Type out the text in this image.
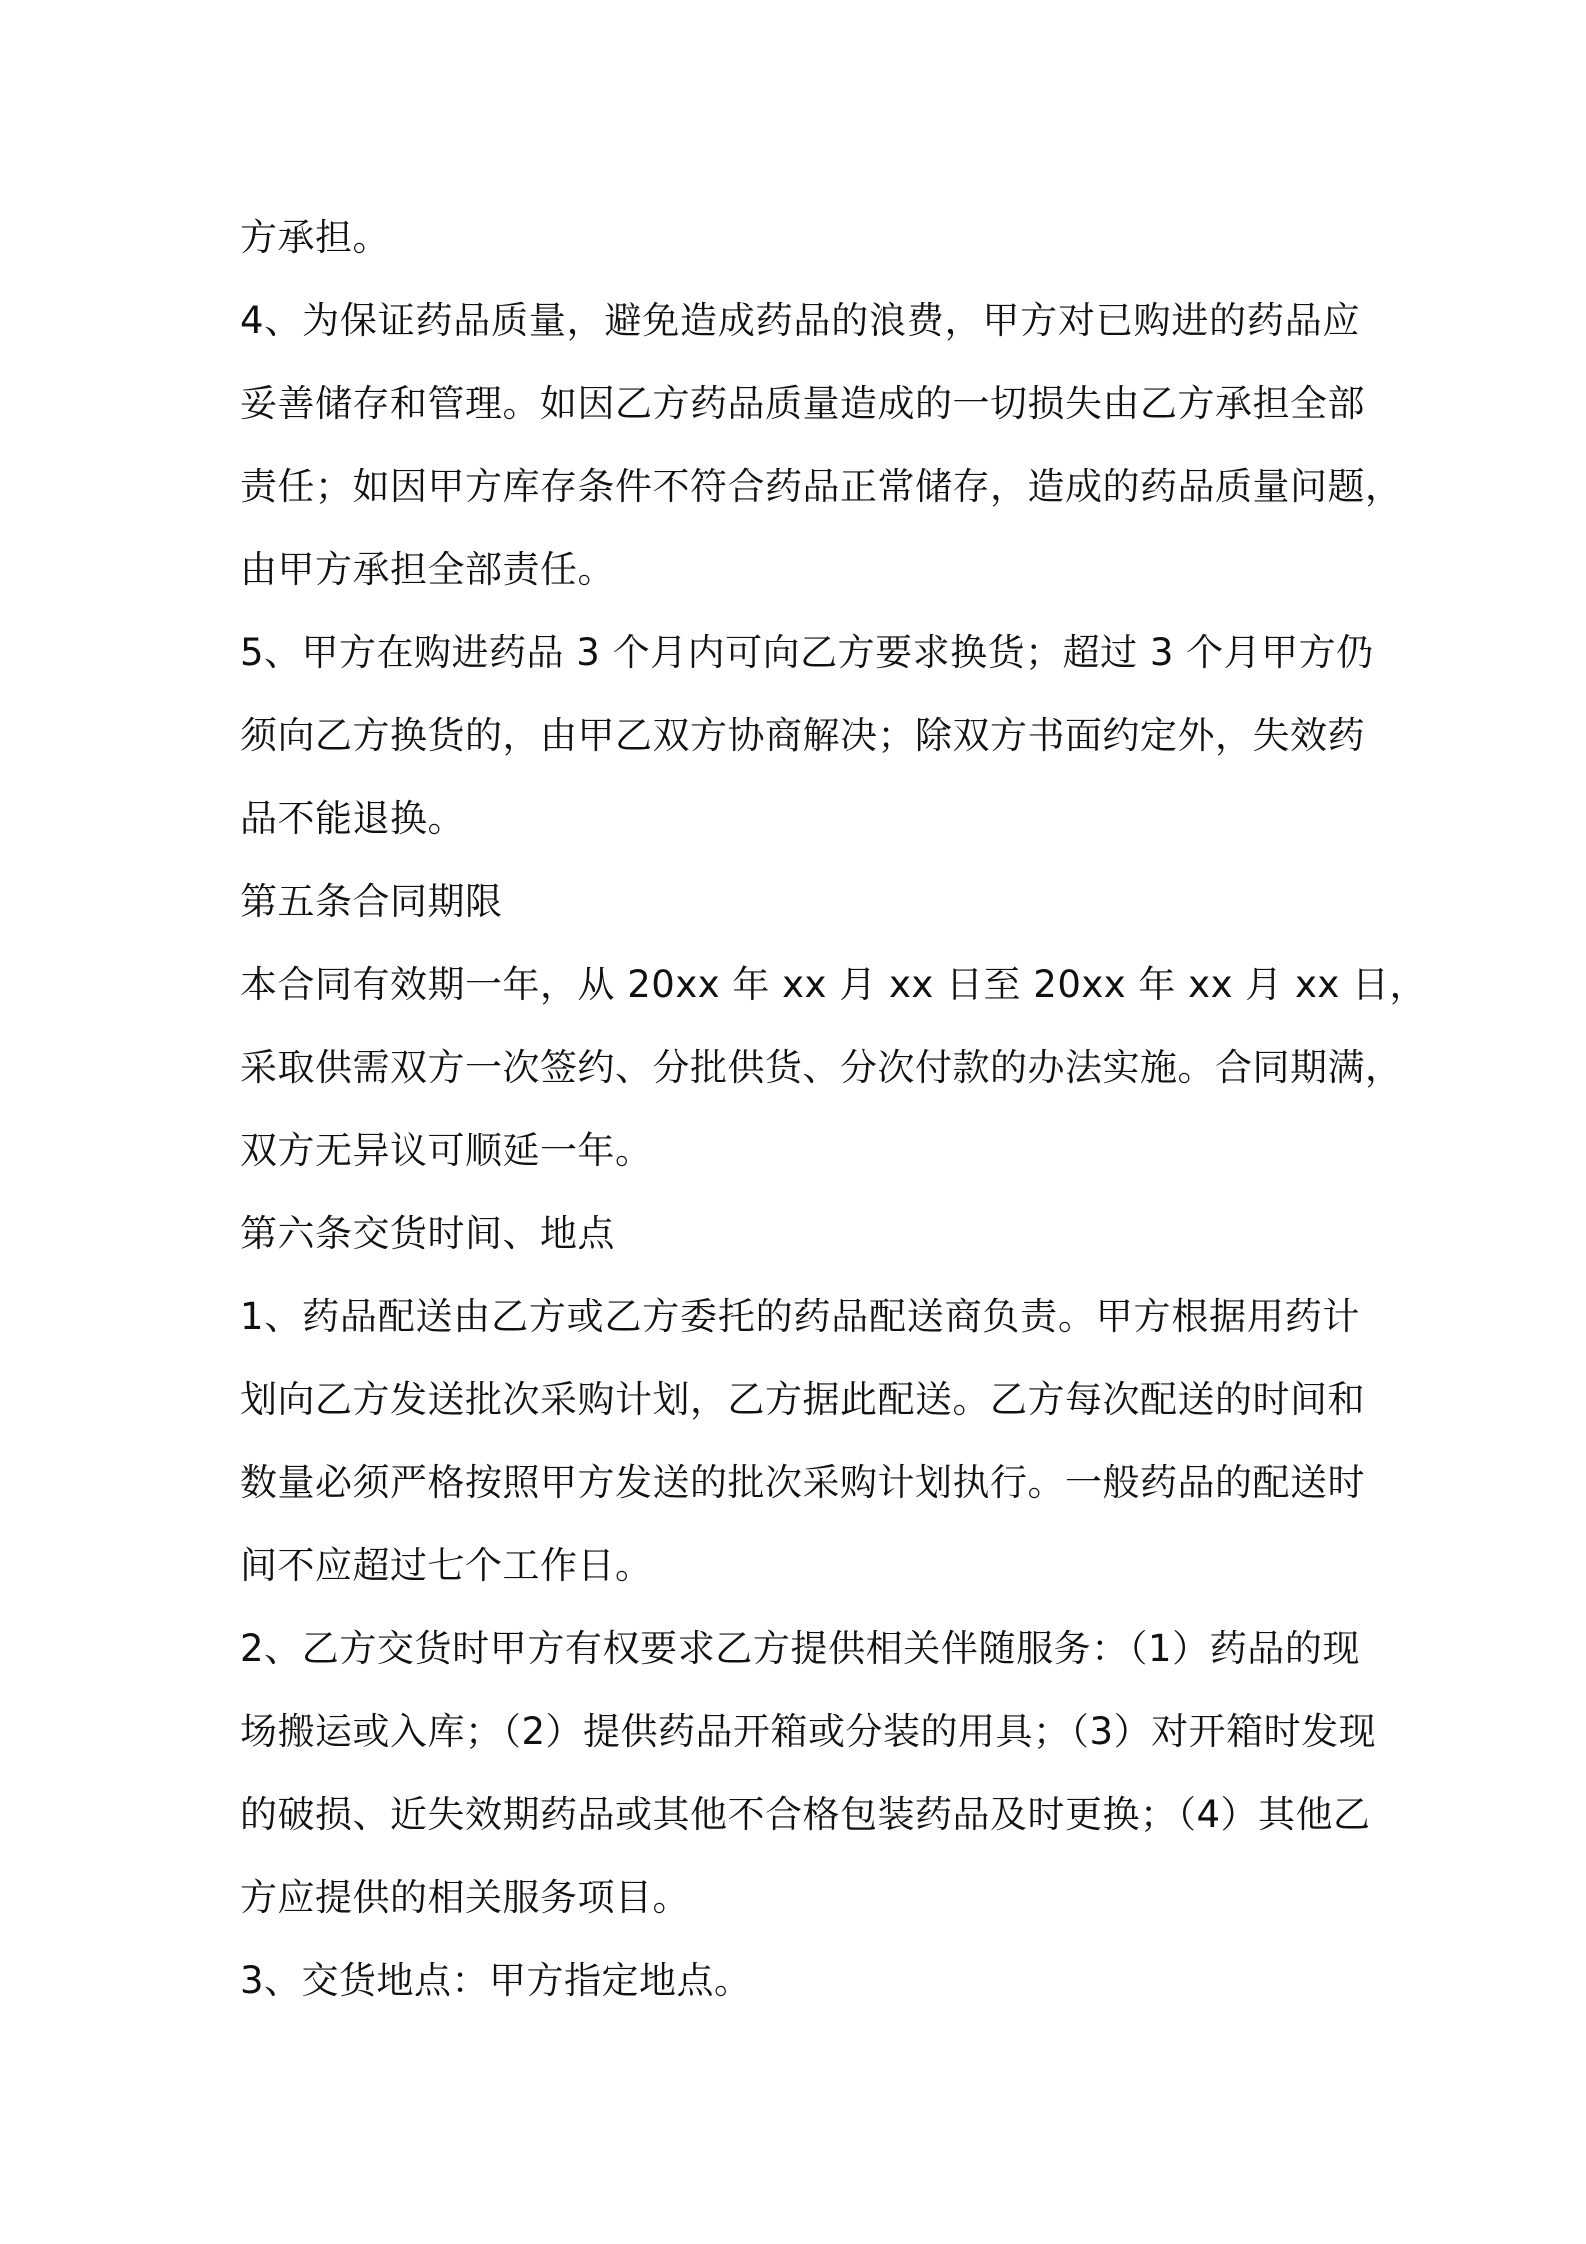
方承担。
4、为保证药品质量，避免造成药品的浪费，甲方对已购进的药品应
妥善储存和管理。如因乙方药品质量造成的一切损失由乙方承担全部
责任；如因甲方库存条件不符合药品正常储存，造成的药品质量问题，
由甲方承担全部责任。
5、甲方在购进药品 3 个月内可向乙方要求换货；超过 3 个月甲方仍
须向乙方换货的，由甲乙双方协商解决；除双方书面约定外，失效药
品不能退换。
第五条合同期限
本合同有效期一年，从 20xx 年 xx 月 xx 日至 20xx 年 xx 月 xx 日，
采取供需双方一次签约、分批供货、分次付款的办法实施。合同期满，
双方无异议可顺延一年。
第六条交货时间、地点
1、药品配送由乙方或乙方委托的药品配送商负责。甲方根据用药计
划向乙方发送批次采购计划，乙方据此配送。乙方每次配送的时间和
数量必须严格按照甲方发送的批次采购计划执行。一般药品的配送时
间不应超过七个工作日。
2、乙方交货时甲方有权要求乙方提供相关伴随服务：（1）药品的现
场搬运或入库；（2）提供药品开箱或分装的用具；（3）对开箱时发现
的破损、近失效期药品或其他不合格包装药品及时更换；（4）其他乙
方应提供的相关服务项目。
3、交货地点：甲方指定地点。
